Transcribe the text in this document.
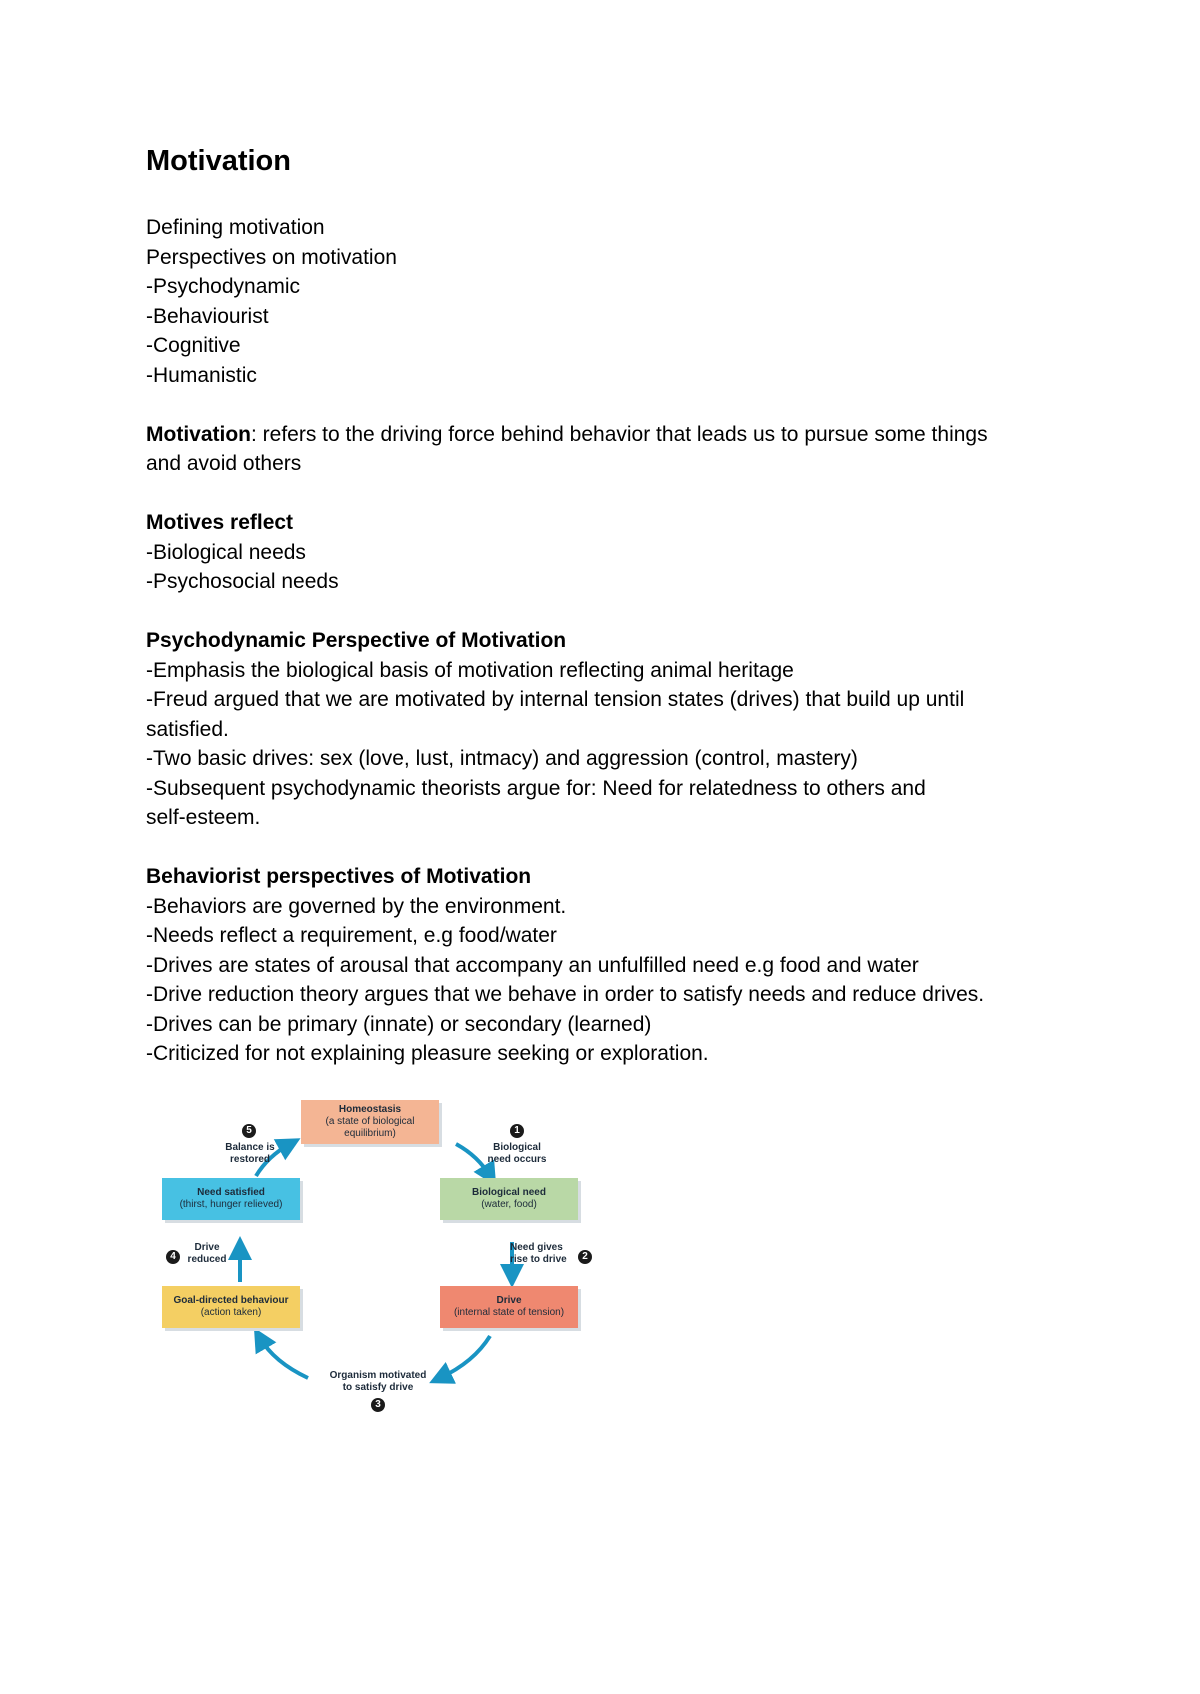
Motivation
Defining motivation
Perspectives on motivation
-Psychodynamic
-Behaviourist
-Cognitive
-Humanistic
Motivation: refers to the driving force behind behavior that leads us to pursue some things
and avoid others
Motives reflect
-Biological needs
-Psychosocial needs
Psychodynamic Perspective of Motivation
-Emphasis the biological basis of motivation reflecting animal heritage
-Freud argued that we are motivated by internal tension states (drives) that build up until
satisfied.
-Two basic drives: sex (love, lust, intmacy) and aggression (control, mastery)
-Subsequent psychodynamic theorists argue for: Need for relatedness to others and
self-esteem.
Behaviorist perspectives of Motivation
-Behaviors are governed by the environment.
-Needs reflect a requirement, e.g food/water
-Drives are states of arousal that accompany an unfulfilled need e.g food and water
-Drive reduction theory argues that we behave in order to satisfy needs and reduce drives.
-Drives can be primary (innate) or secondary (learned)
-Criticized for not explaining pleasure seeking or exploration.
Homeostasis
(a state of biological equilibrium)
Biological need
(water, food)
Drive
(internal state of tension)
Goal-directed behaviour
(action taken)
Need satisfied
(thirst, hunger relieved)
5
Balance is
restored
1
Biological
need occurs
Need gives
rise to drive	2
4
Drive
reduced
Organism motivated
to satisfy drive
3
